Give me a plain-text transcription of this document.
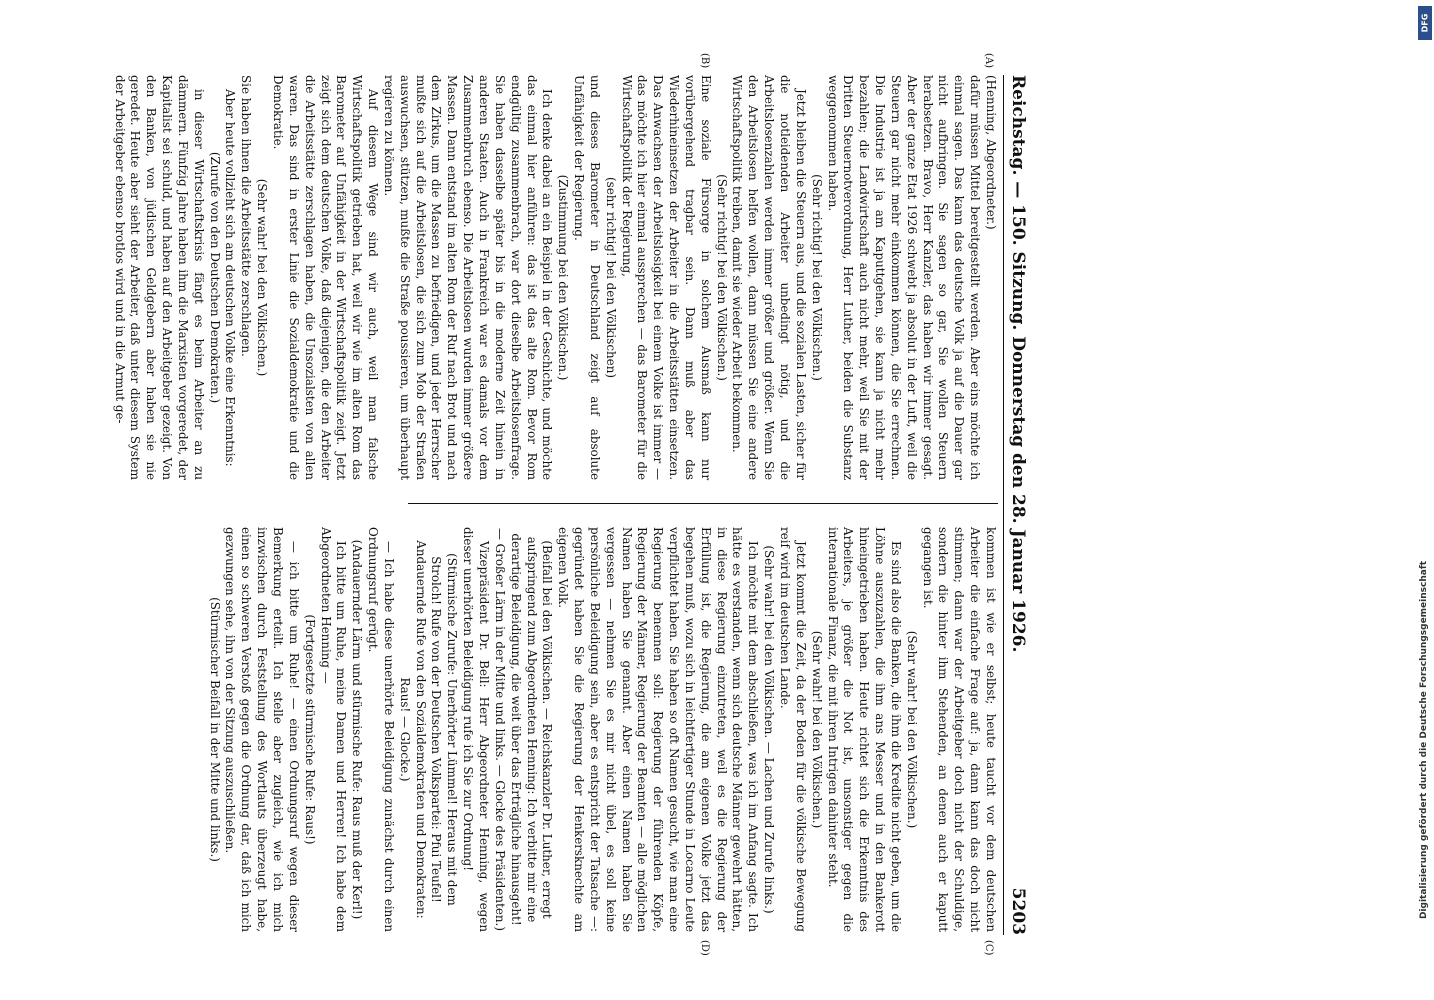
Reichstag. — 150. Sitzung. Donnerstag den 28. Januar 1926.
5203
(A)
(B)
(C)
(D)

(Henning, Abgeordneter.)

dafür müssen Mittel bereitgestellt werden. Aber eins möchte ich einmal sagen. Das kann das deutsche Volk ja auf die Dauer gar nicht aufbringen. Sie sagen so gar, Sie wollen Steuern herabsetzen. Bravo, Herr Kanzler, das haben wir immer gesagt. Aber der ganze Etat 1926 schwebt ja absolut in der Luft, weil die Steuern gar nicht mehr einkommen können, die Sie errechnen. Die Industrie ist ja am Kaputtgehen, sie kann ja nicht mehr bezahlen; die Landwirtschaft auch nicht mehr, weil Sie mit der Dritten Steuernotverordnung, Herr Luther, beiden die Substanz weggenommen haben.

(Sehr richtig! bei den Völkischen.)

Jetzt bleiben die Steuern aus, und die sozialen Lasten, sicher für die notleidenden Arbeiter unbedingt nötig, und die Arbeitslosenzahlen werden immer größer und größer. Wenn Sie den Arbeitslosen helfen wollen, dann müssen Sie eine andere Wirtschaftspolitik treiben, damit sie wieder Arbeit bekommen.

(Sehr richtig! bei den Völkischen.)

Eine soziale Fürsorge in solchem Ausmaß kann nur vorübergehend tragbar sein. Dann muß aber das Wiederhineinsetzen der Arbeiter in die Arbeitsstätten einsetzen. Das Anwachsen der Arbeitslosigkeit bei einem Volke ist immer — das möchte ich hier einmal aussprechen — das Barometer für die Wirtschaftspolitik der Regierung,

(sehr richtig! bei den Völkischen)

und dieses Barometer in Deutschland zeigt auf absolute Unfähigkeit der Regierung.

(Zustimmung bei den Völkischen.)

Ich denke dabei an ein Beispiel in der Geschichte, und möchte das einmal hier anführen: das ist das alte Rom. Bevor Rom endgültig zusammenbrach, war dort dieselbe Arbeitslosenfrage. Sie haben dasselbe später bis in die moderne Zeit hinein in anderen Staaten. Auch in Frankreich war es damals vor dem Zusammenbruch ebenso. Die Arbeitslosen wurden immer größere Massen. Dann entstand im alten Rom der Ruf nach Brot und nach dem Zirkus, um die Massen zu befriedigen, und jeder Herrscher mußte sich auf die Arbeitslosen, die sich zum Mob der Straßen auswuchsen, stützen, mußte die Straße poussieren, um überhaupt regieren zu können.

Auf diesem Wege sind wir auch, weil man falsche Wirtschaftspolitik getrieben hat, weil wir wie im alten Rom das Barometer auf Unfähigkeit in der Wirtschaftspolitik zeigt. Jetzt zeigt sich dem deutschen Volke, daß diejenigen, die den Arbeiter die Arbeitsstätte zerschlagen haben, die Unsozialsten von allen waren. Das sind in erster Linie die Sozialdemokratie und die Demokratie.

(Sehr wahr! bei den Völkischen.)

Sie haben ihnen die Arbeitsstätte zerschlagen.

Aber heute vollzieht sich am deutschen Volke eine Erkenntnis:

(Zurufe von den Deutschen Demokraten.)

in dieser Wirtschaftskrisis fängt es beim Arbeiter an zu dämmern. Fünfzig Jahre haben ihm die Marxisten vorgeredet, der Kapitalist sei schuld, und haben auf den Arbeitgeber gezeigt. Von den Banken, von jüdischen Geldgebern aber haben sie nie geredet. Heute aber sieht der Arbeiter, daß unter diesem System der Arbeitgeber ebenso brotlos wird und in die Armut ge-

kommen ist wie er selbst; heute taucht vor dem deutschen Arbeiter die einfache Frage auf: ja, dann kann das doch nicht stimmen; dann war der Arbeitgeber doch nicht der Schuldige, sondern die hinter ihm Stehenden, an denen auch er kaputt gegangen ist.

(Sehr wahr! bei den Völkischen.)

Es sind also die Banken, die ihm die Kredite nicht geben, um die Löhne auszuzahlen, die ihm ans Messer und in den Bankerott hineingetrieben haben. Heute richtet sich die Erkenntnis des Arbeiters, je größer die Not ist, unsonstiger gegen die internationale Finanz, die mit ihren Intrigen dahinter steht.

(Sehr wahr! bei den Völkischen.)

Jetzt kommt die Zeit, da der Boden für die völkische Bewegung reif wird im deutschen Lande.

(Sehr wahr! bei den Völkischen. — Lachen und Zurufe links.)

Ich möchte mit dem abschließen, was ich im Anfang sagte. Ich hätte es verstanden, wenn sich deutsche Männer gewehrt hätten, in diese Regierung einzutreten, weil es die Regierung der Erfüllung ist, die Regierung, die am eigenen Volke jetzt das begehen muß, wozu sich in leichtfertiger Stunde in Locarno Leute verpflichtet haben. Sie haben so oft Namen gesucht, wie man eine Regierung benennen soll: Regierung der führenden Köpfe, Regierung der Männer, Regierung der Beamten — alle möglichen Namen haben Sie genannt. Aber einen Namen haben Sie vergessen — nehmen Sie es mir nicht übel, es soll keine persönliche Beleidigung sein, aber es entspricht der Tatsache —: gegründet haben Sie die Regierung der Henkersknechte am eigenen Volk.

(Beifall bei den Völkischen. — Reichskanzler Dr. Luther, erregt aufspringend zum Abgeordneten Henning: Ich verbitte mir eine derartige Beleidigung, die weit über das Erträgliche hinausgeht! — Großer Lärm in der Mitte und links. — Glocke des Präsidenten.)

Vizepräsident Dr. Bell: Herr Abgeordneter Henning, wegen dieser unerhörten Beleidigung rufe ich Sie zur Ordnung!

(Stürmische Zurufe: Unerhörter Lümmel! Heraus mit dem Strolch! Rufe von der Deutschen Volkspartei: Pfui Teufel! Andauernde Rufe von den Sozialdemokraten und Demokraten: Raus! — Glocke.)

— Ich habe diese unerhörte Beleidigung zunächst durch einen Ordnungsruf gerügt.

(Andauernder Lärm und stürmische Rufe: Raus muß der Kerl!)

Ich bitte um Ruhe, meine Damen und Herren! Ich habe dem Abgeordneten Henning —

(Fortgesetzte stürmische Rufe: Raus!)

— ich bitte um Ruhe! — einen Ordnungsruf wegen dieser Bemerkung erteilt. Ich stelle aber zugleich, wie ich mich inzwischen durch Feststellung des Wortlauts überzeugt habe, einen so schweren Verstoß gegen die Ordnung dar, daß ich mich gezwungen sehe, ihn von der Sitzung auszuschließen.

(Stürmischer Beifall in der Mitte und links.)

DFG
Digitalisierung gefördert durch die Deutsche Forschungsgemeinschaft
